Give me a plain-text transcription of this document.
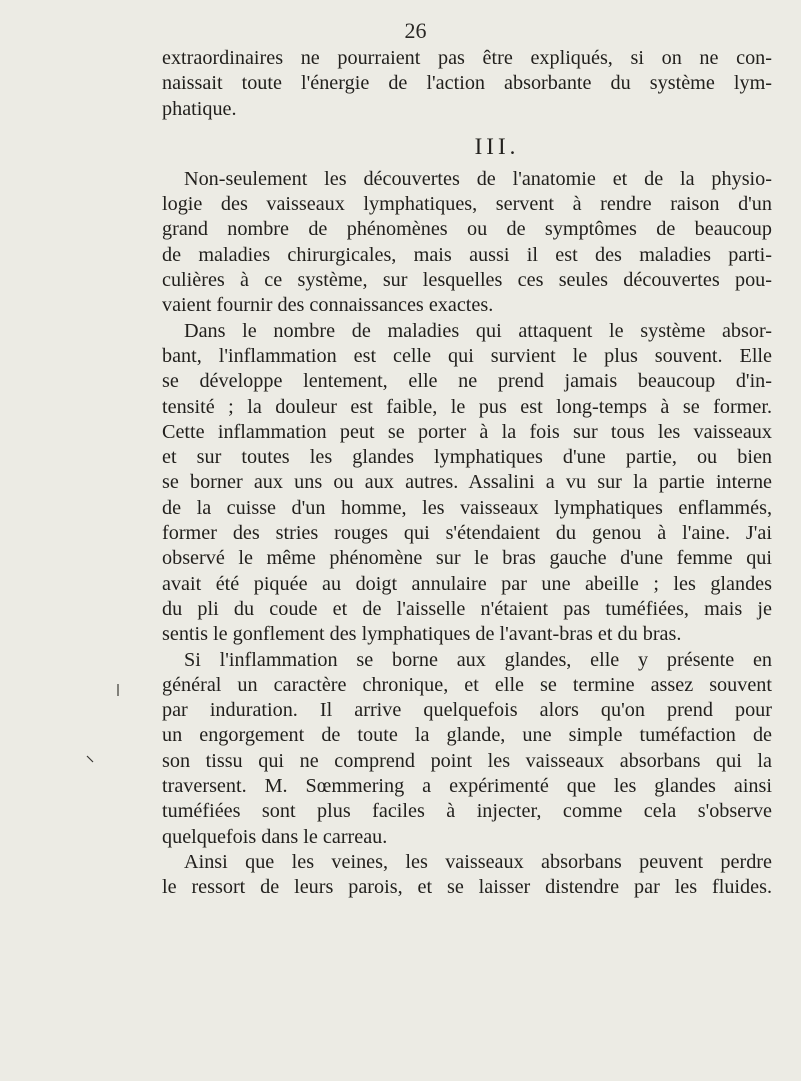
26
extraordinaires ne pourraient pas être expliqués, si on ne con-
naissait toute l'énergie de l'action absorbante du système lym-
phatique.
III.
Non-seulement les découvertes de l'anatomie et de la physio-
logie des vaisseaux lymphatiques, servent à rendre raison d'un
grand nombre de phénomènes ou de symptômes de beaucoup
de maladies chirurgicales, mais aussi il est des maladies parti-
culières à ce système, sur lesquelles ces seules découvertes pou-
vaient fournir des connaissances exactes.
Dans le nombre de maladies qui attaquent le système absor-
bant, l'inflammation est celle qui survient le plus souvent. Elle
se développe lentement, elle ne prend jamais beaucoup d'in-
tensité ; la douleur est faible, le pus est long-temps à se former.
Cette inflammation peut se porter à la fois sur tous les vaisseaux
et sur toutes les glandes lymphatiques d'une partie, ou bien
se borner aux uns ou aux autres. Assalini a vu sur la partie interne
de la cuisse d'un homme, les vaisseaux lymphatiques enflammés,
former des stries rouges qui s'étendaient du genou à l'aine. J'ai
observé le même phénomène sur le bras gauche d'une femme qui
avait été piquée au doigt annulaire par une abeille ; les glandes
du pli du coude et de l'aisselle n'étaient pas tuméfiées, mais je
sentis le gonflement des lymphatiques de l'avant-bras et du bras.
Si l'inflammation se borne aux glandes, elle y présente en
général un caractère chronique, et elle se termine assez souvent
par induration. Il arrive quelquefois alors qu'on prend pour
un engorgement de toute la glande, une simple tuméfaction de
son tissu qui ne comprend point les vaisseaux absorbans qui la
traversent. M. Sœmmering a expérimenté que les glandes ainsi
tuméfiées sont plus faciles à injecter, comme cela s'observe
quelquefois dans le carreau.
Ainsi que les veines, les vaisseaux absorbans peuvent perdre
le ressort de leurs parois, et se laisser distendre par les fluides.
